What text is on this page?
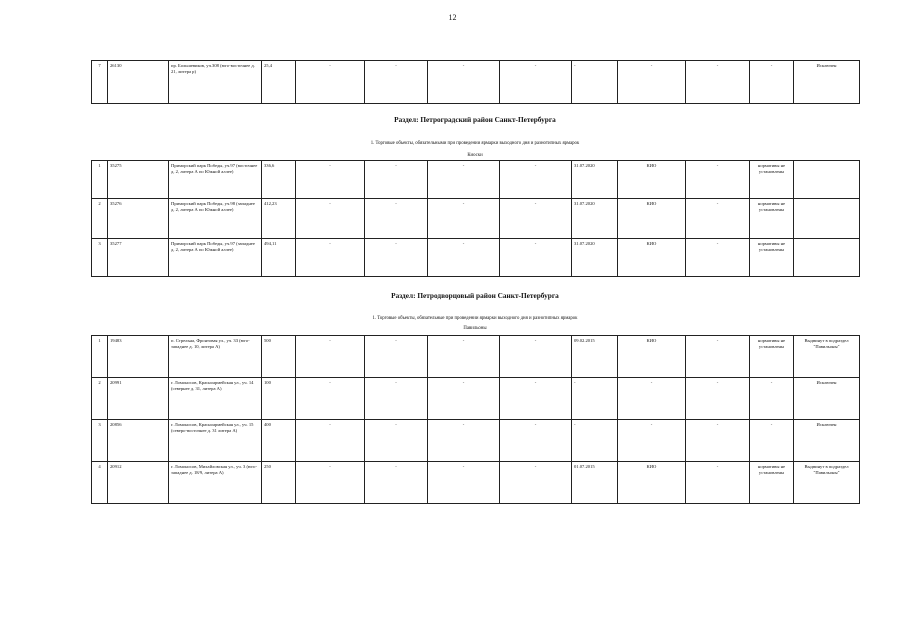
12
7	26130	пр. Большевиков, уч.308 (юго-восточнее д. 21, литера р)	25,4	-	-	-	-	-	-	-	-	Исключен
Раздел: Петроградский район Санкт-Петербурга
1. Торговые объекты, обязательными при проведении ярмарки выходного дня и разнотипных ярмарок
Киоски
1	35275	Приморский парк Победы, уч.97 (восточнее д. 2, литера А по Южной аллее)	336,6	-	-	-	-	31.07.2020	КИО	-	нормативы не установлены	
2	35276	Приморский парк Победы, уч.98 (западнее д. 2, литера А по Южной аллее)	412,23	-	-	-	-	31.07.2020	КИО	-	нормативы не установлены	
3	35277	Приморский парк Победы, уч.97 (западнее д. 2, литера А по Южной аллее)	494,11	-	-	-	-	31.07.2020	КИО	-	нормативы не установлены	
Раздел: Петродворцовый район Санкт-Петербурга
1. Торговые объекты, обязательные при проведении ярмарки выходного дня и разнотипных ярмарок
Павильоны
1	19483	п. Стрельна, Фронтовая ул., уч. 33 (юго-западнее д. 10, литера А)	500	-	-	-	-	09.02.2015	КИО	-	нормативы не установлены	Выдвинут в подраздел "Павильоны"
2	20991	г. Ломоносов, Красноармейская ул., уч. 14 (севернее д. 31, литера А)	100	-	-	-	-	-	-	-	-	Исключен
3	20856	г. Ломоносов, Красноармейская ул., уч. 15 (северо-восточнее д. 31 литера А)	400	-	-	-	-	-	-	-	-	Исключен
4	20912	г. Ломоносов, Михайловская ул., уч. 3 (юго-западнее д. 18/9, литера А)	250	-	-	-	-	01.07.2015	КИО	-	нормативы не установлены	Выдвинут в подраздел "Павильоны"
